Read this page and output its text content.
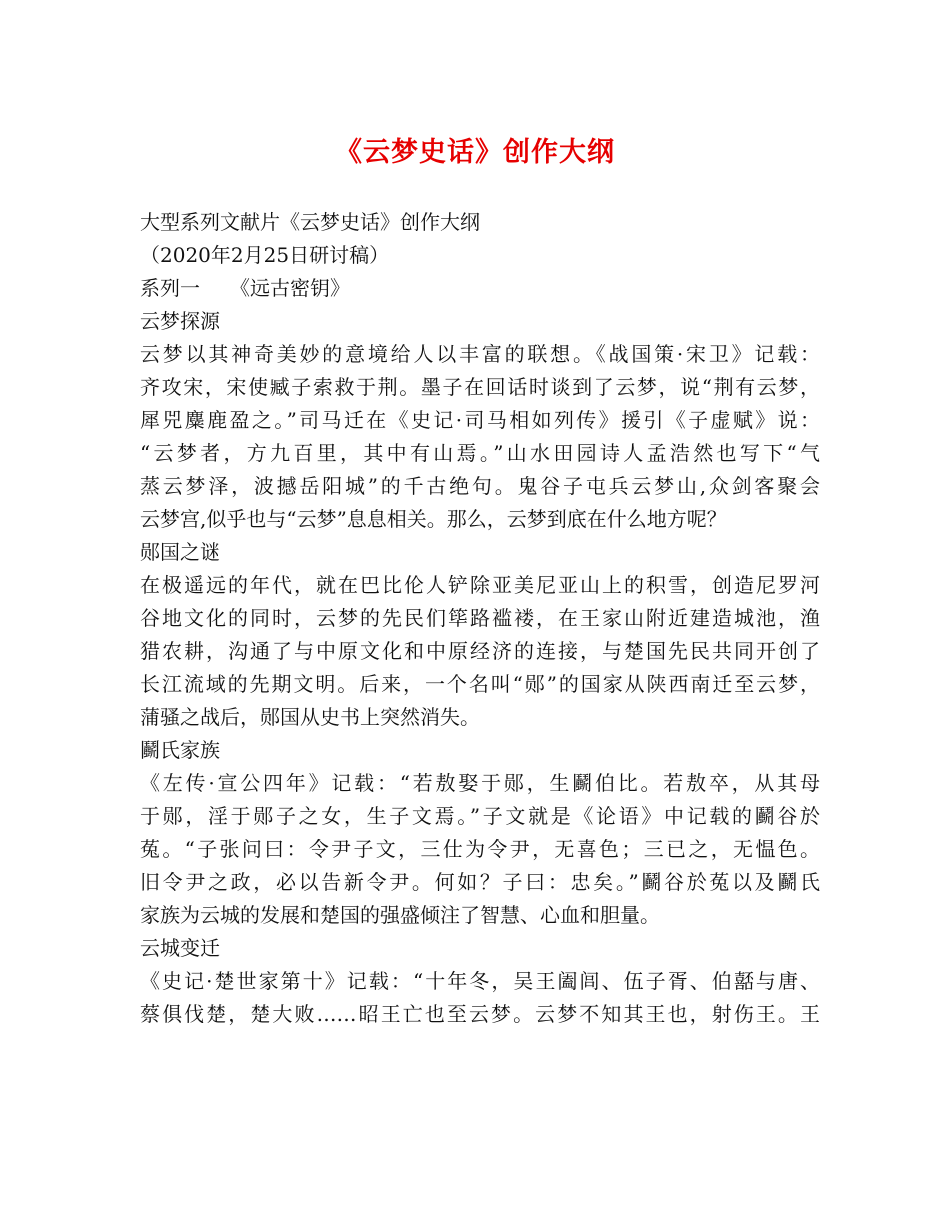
《云梦史话》创作大纲
大型系列文献片《云梦史话》创作大纲
（2020年2月25日研讨稿）
系列一　　《远古密钥》
云梦探源
云梦以其神奇美妙的意境给人以丰富的联想。《战国策·宋卫》记载：
齐攻宋，宋使臧子索救于荆。墨子在回话时谈到了云梦，说“荆有云梦，
犀兕麋鹿盈之。”司马迁在《史记·司马相如列传》援引《子虚赋》说：
“云梦者，方九百里，其中有山焉。”山水田园诗人孟浩然也写下“气
蒸云梦泽，波撼岳阳城”的千古绝句。鬼谷子屯兵云梦山,众剑客聚会
云梦宫,似乎也与“云梦”息息相关。那么，云梦到底在什么地方呢？
郧国之谜
在极遥远的年代，就在巴比伦人铲除亚美尼亚山上的积雪，创造尼罗河
谷地文化的同时，云梦的先民们筚路褴褛，在王家山附近建造城池，渔
猎农耕，沟通了与中原文化和中原经济的连接，与楚国先民共同开创了
长江流域的先期文明。后来，一个名叫“郧”的国家从陕西南迁至云梦，
蒲骚之战后，郧国从史书上突然消失。
鬬氏家族
《左传·宣公四年》记载：“若敖娶于郧，生鬬伯比。若敖卒，从其母
于郧，淫于郧子之女，生子文焉。”子文就是《论语》中记载的鬬谷於
菟。“子张问曰：令尹子文，三仕为令尹，无喜色；三已之，无愠色。
旧令尹之政，必以告新令尹。何如？子曰：忠矣。”鬬谷於菟以及鬬氏
家族为云城的发展和楚国的强盛倾注了智慧、心血和胆量。
云城变迁
《史记·楚世家第十》记载：“十年冬，吴王阖闾、伍子胥、伯嚭与唐、
蔡俱伐楚，楚大败……昭王亡也至云梦。云梦不知其王也，射伤王。王
